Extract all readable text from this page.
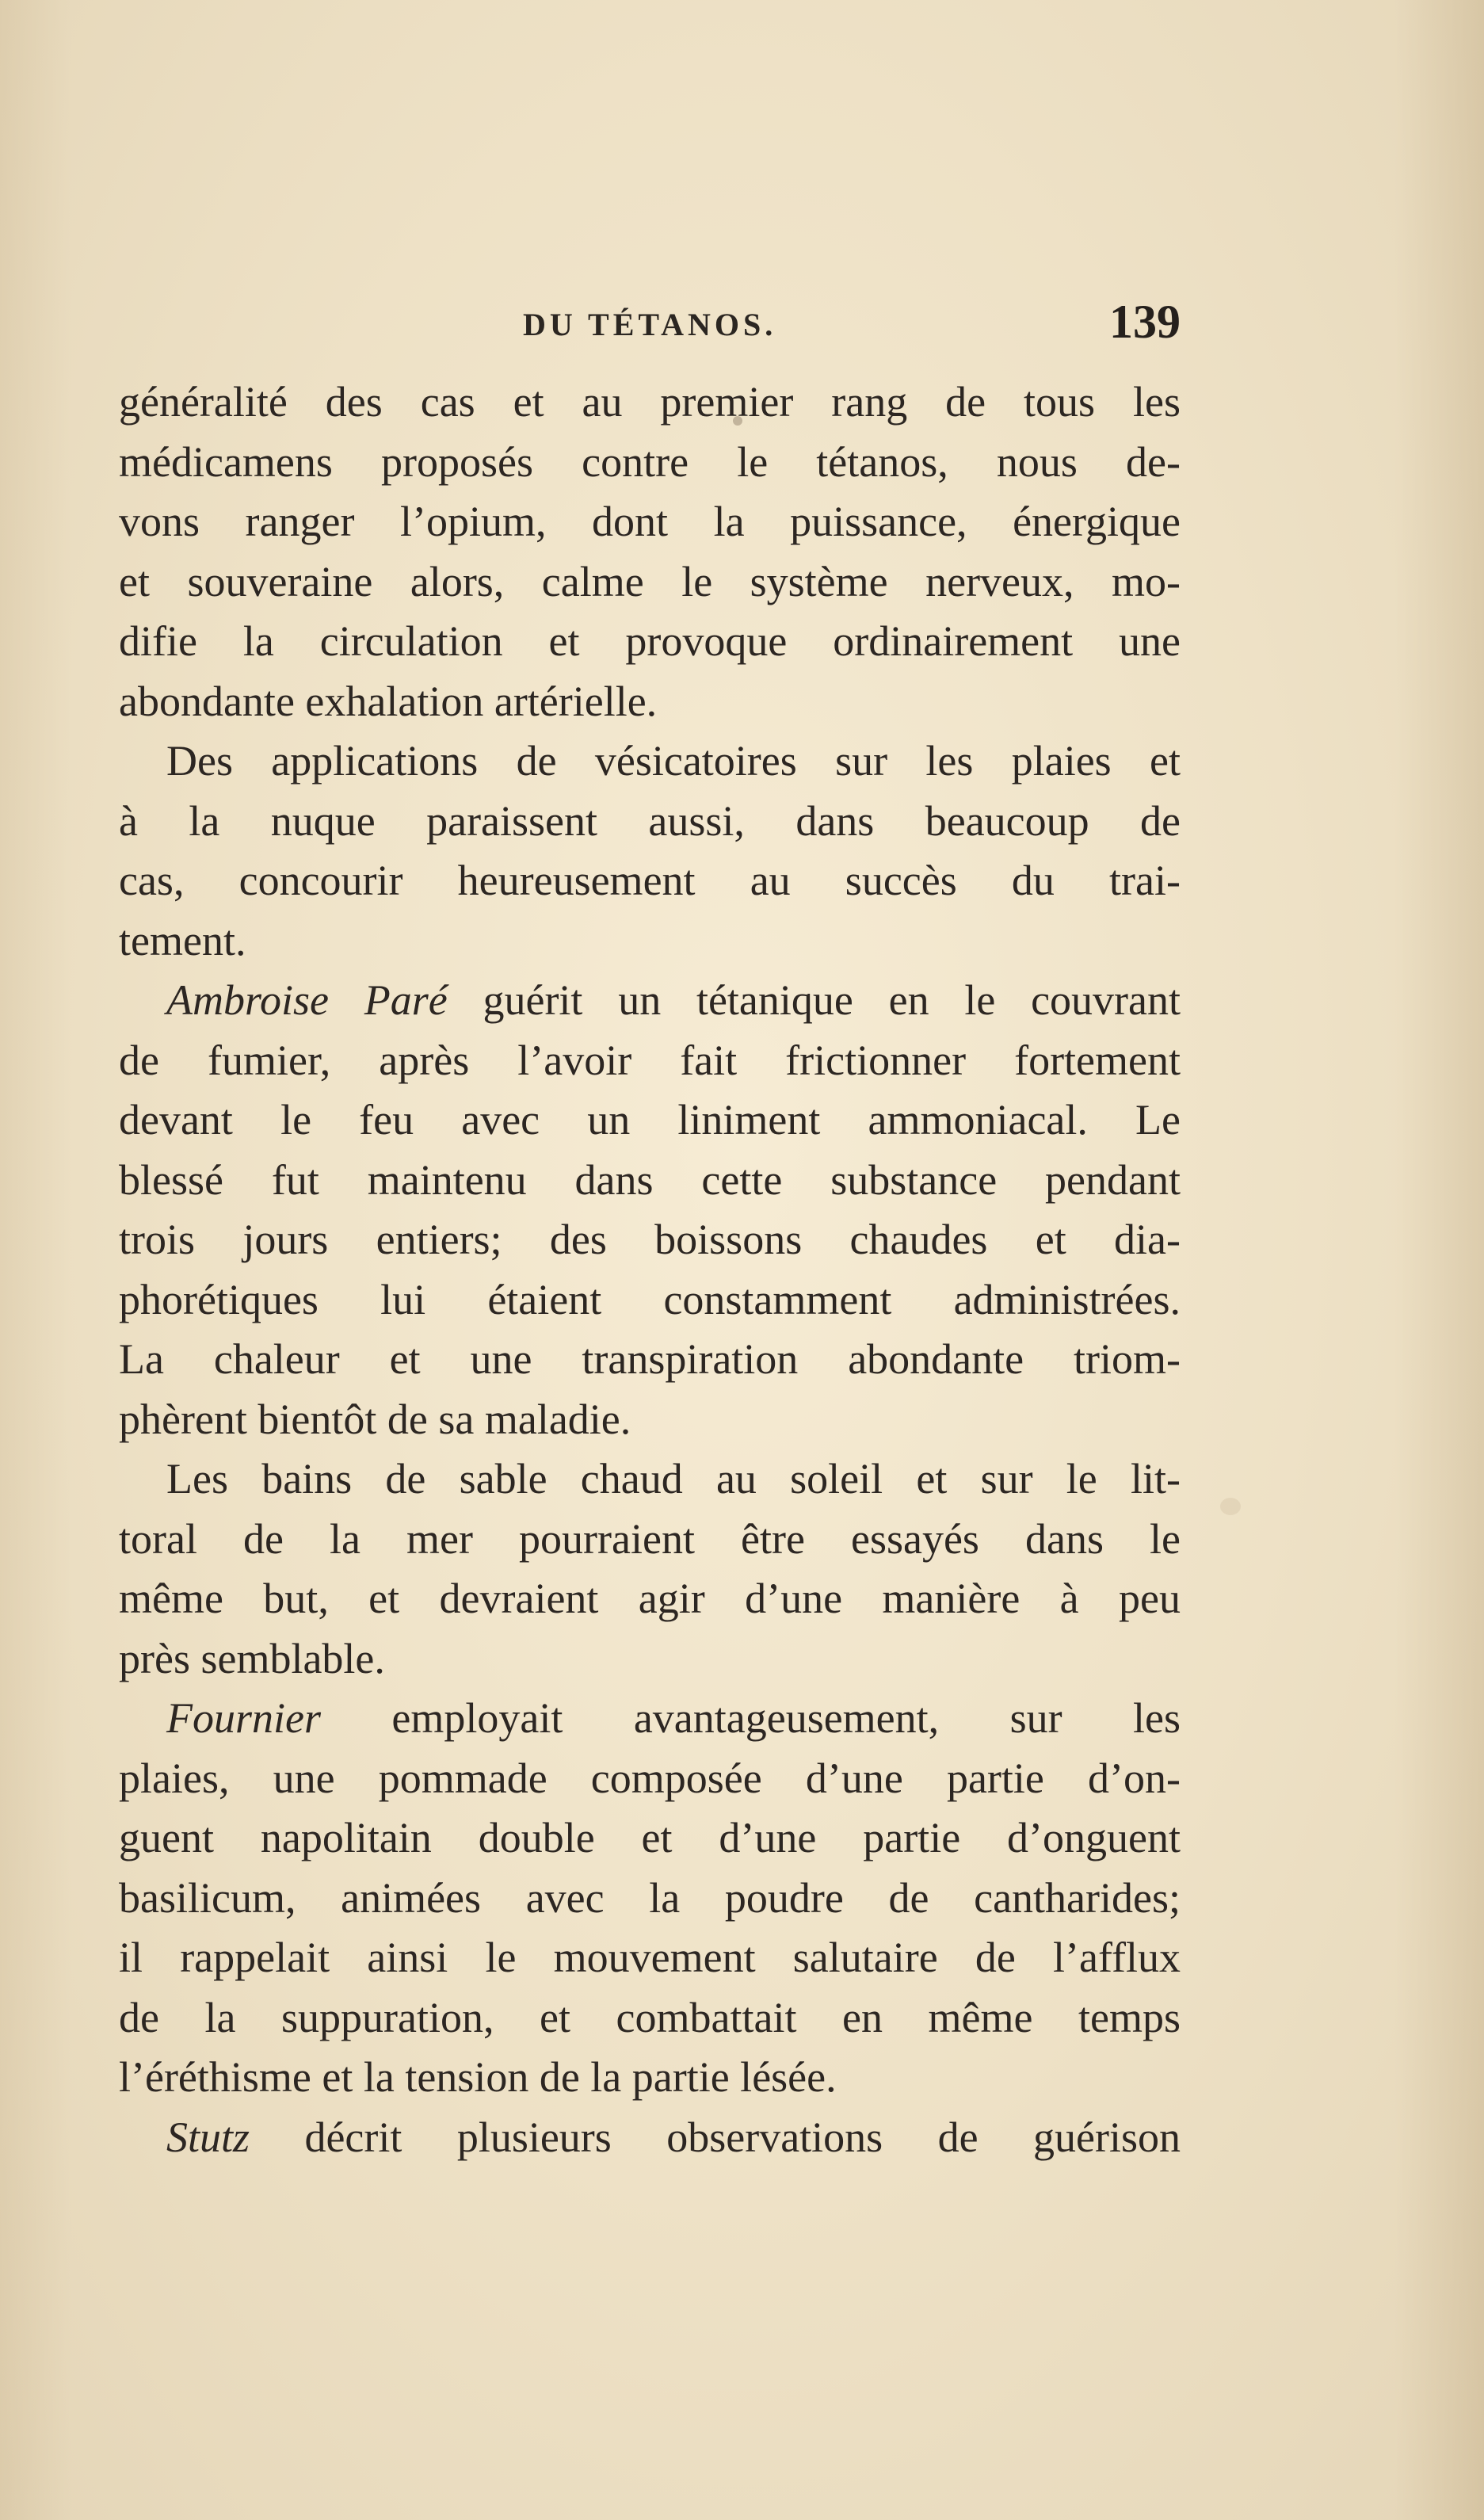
DU TÉTANOS.	139
généralité des cas et au premier rang de tous les
médicamens proposés contre le tétanos, nous de-
vons ranger l’opium, dont la puissance, énergique
et souveraine alors, calme le système nerveux, mo-
difie la circulation et provoque ordinairement une
abondante exhalation artérielle.
Des applications de vésicatoires sur les plaies et
à la nuque paraissent aussi, dans beaucoup de
cas, concourir heureusement au succès du trai-
tement.
Ambroise Paré guérit un tétanique en le couvrant
de fumier, après l’avoir fait frictionner fortement
devant le feu avec un liniment ammoniacal. Le
blessé fut maintenu dans cette substance pendant
trois jours entiers; des boissons chaudes et dia-
phorétiques lui étaient constamment administrées.
La chaleur et une transpiration abondante triom-
phèrent bientôt de sa maladie.
Les bains de sable chaud au soleil et sur le lit-
toral de la mer pourraient être essayés dans le
même but, et devraient agir d’une manière à peu
près semblable.
Fournier employait avantageusement, sur les
plaies, une pommade composée d’une partie d’on-
guent napolitain double et d’une partie d’onguent
basilicum, animées avec la poudre de cantharides;
il rappelait ainsi le mouvement salutaire de l’afflux
de la suppuration, et combattait en même temps
l’éréthisme et la tension de la partie lésée.
Stutz décrit plusieurs observations de guérison
